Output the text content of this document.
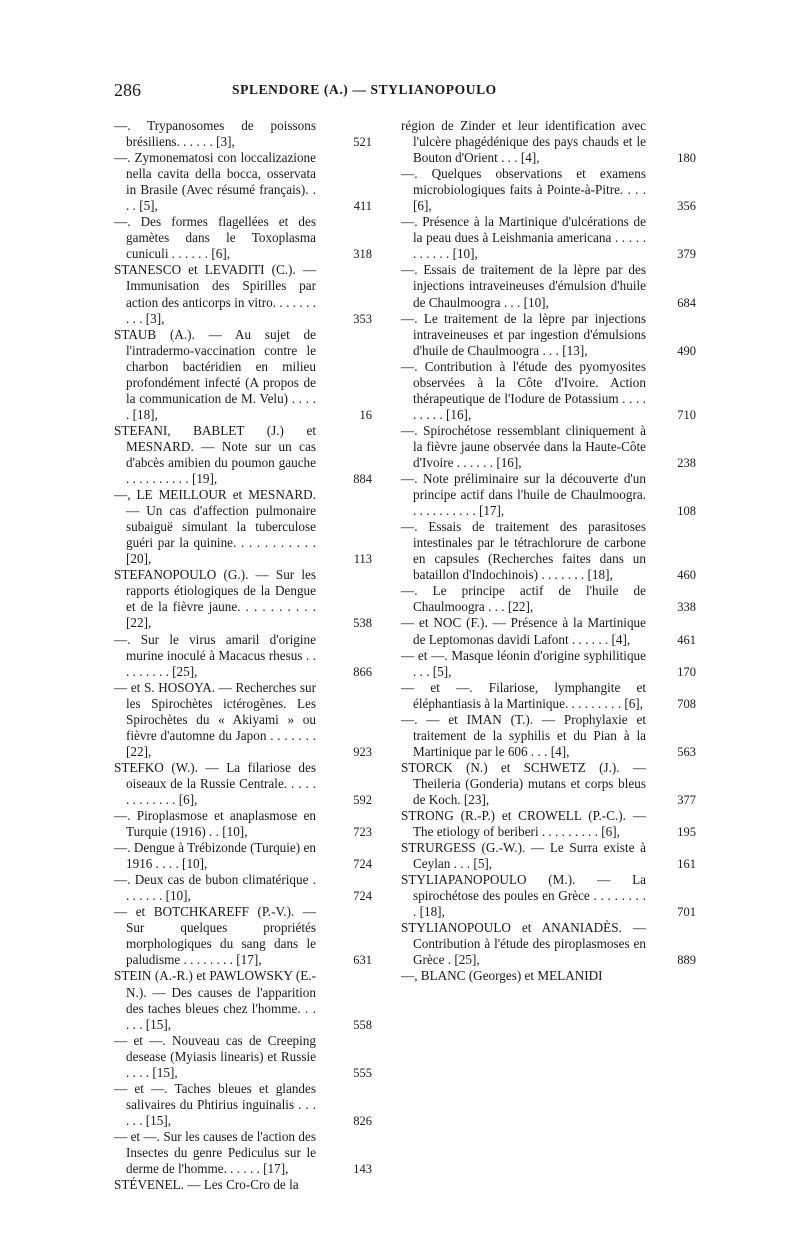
286	SPLENDORE (A.) — STYLIANOPOULO
—. Trypanosomes de poissons brésiliens. . . . . . [3],	521
—. Zymonematosi con loccalizazione nella cavita della bocca, osservata in Brasile (Avec résumé français). . . . [5],	411
—. Des formes flagellées et des gamètes dans le Toxoplasma cuniculi . . . . . . [6],	318
STANESCO et LEVADITI (C.). — Immunisation des Spirilles par action des anticorps in vitro. . . . . . . . . . [3],	353
STAUB (A.). — Au sujet de l'intradermo-vaccination contre le charbon bactéridien en milieu profondément infecté (A propos de la communication de M. Velu) . . . . . [18],	16
STEFANI, BABLET (J.) et MESNARD. — Note sur un cas d'abcès amibien du poumon gauche . . . . . . . . . . [19],	884
—, LE MEILLOUR et MESNARD. — Un cas d'affection pulmonaire subaiguë simulant la tuberculose guéri par la quinine. . . . . . . . . . . [20],	113
STEFANOPOULO (G.). — Sur les rapports étiologiques de la Dengue et de la fièvre jaune. . . . . . . . . . [22],	538
—. Sur le virus amaril d'origine murine inoculé à Macacus rhesus . . . . . . . . . [25],	866
— et S. HOSOYA. — Recherches sur les Spirochètes ictérogènes. Les Spirochètes du « Akiyami » ou fièvre d'automne du Japon . . . . . . . [22],	923
STEFKO (W.). — La filariose des oiseaux de la Russie Centrale. . . . . . . . . . . . . [6],	592
—. Piroplasmose et anaplasmose en Turquie (1916) . . [10],	723
—. Dengue à Trébizonde (Turquie) en 1916 . . . . [10],	724
—. Deux cas de bubon climatérique . . . . . . . [10],	724
— et BOTCHKAREFF (P.-V.). — Sur quelques propriétés morphologiques du sang dans le paludisme . . . . . . . . [17],	631
STEIN (A.-R.) et PAWLOWSKY (E.-N.). — Des causes de l'apparition des taches bleues chez l'homme. . . . . . [15],	558
— et —. Nouveau cas de Creeping desease (Myiasis linearis) et Russie . . . . [15],	555
— et —. Taches bleues et glandes salivaires du Phtirius inguinalis . . . . . . [15],	826
— et —. Sur les causes de l'action des Insectes du genre Pediculus sur le derme de l'homme. . . . . . [17],	143
STÉVENEL. — Les Cro-Cro de la
région de Zinder et leur identification avec l'ulcère phagédénique des pays chauds et le Bouton d'Orient . . . [4],	180
—. Quelques observations et examens microbiologiques faits à Pointe-à-Pitre. . . . [6],	356
—. Présence à la Martinique d'ulcérations de la peau dues à Leishmania americana . . . . . . . . . . . [10],	379
—. Essais de traitement de la lèpre par des injections intraveineuses d'émulsion d'huile de Chaulmoogra . . . [10],	684
—. Le traitement de la lèpre par injections intraveineuses et par ingestion d'émulsions d'huile de Chaulmoogra . . . [13],	490
—. Contribution à l'étude des pyomyosites observées à la Côte d'Ivoire. Action thérapeutique de l'Iodure de Potassium . . . . . . . . . [16],	710
—. Spirochétose ressemblant cliniquement à la fièvre jaune observée dans la Haute-Côte d'Ivoire . . . . . . [16],	238
—. Note préliminaire sur la découverte d'un principe actif dans l'huile de Chaulmoogra. . . . . . . . . . . [17],	108
—. Essais de traitement des parasitoses intestinales par le tétrachlorure de carbone en capsules (Recherches faites dans un bataillon d'Indochinois) . . . . . . . [18],	460
—. Le principe actif de l'huile de Chaulmoogra . . . [22],	338
— et NOC (F.). — Présence à la Martinique de Leptomonas davidi Lafont . . . . . . [4],	461
— et —. Masque léonin d'origine syphilitique . . . [5],	170
— et —. Filariose, lymphangite et éléphantiasis à la Martinique. . . . . . . . . [6],	708
—. — et IMAN (T.). — Prophylaxie et traitement de la syphilis et du Pian à la Martinique par le 606 . . . [4],	563
STORCK (N.) et SCHWETZ (J.). — Theileria (Gonderia) mutans et corps bleus de Koch. [23],	377
STRONG (R.-P.) et CROWELL (P.-C.). — The etiology of beriberi . . . . . . . . . [6],	195
STRURGESS (G.-W.). — Le Surra existe à Ceylan . . . [5],	161
STYLIAPANOPOULO (M.). — La spirochétose des poules en Grèce . . . . . . . . . [18],	701
STYLIANOPOULO et ANANIADÈS. — Contribution à l'étude des piroplasmoses en Grèce . [25],	889
—, BLANC (Georges) et MELANIDI
